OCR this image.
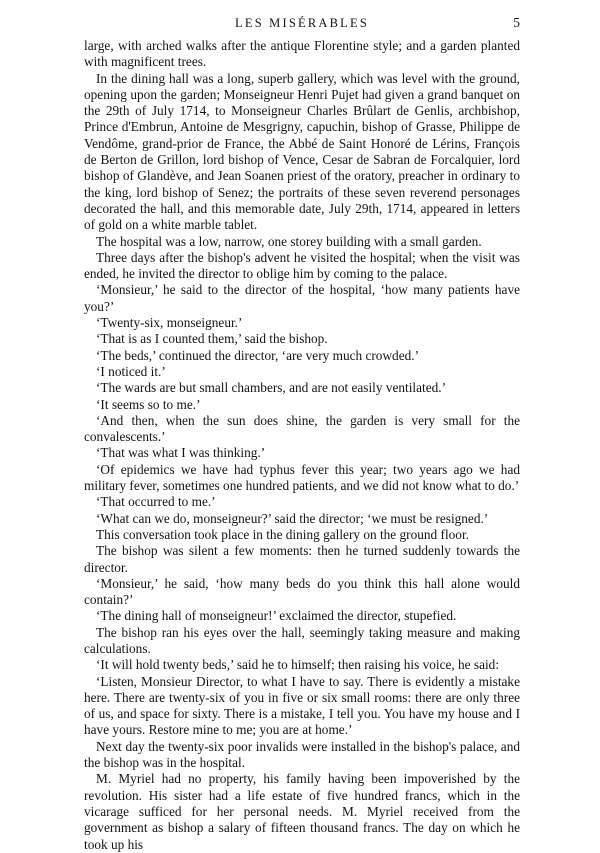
LES MISÉRABLES	5

large, with arched walks after the antique Florentine style; and a garden planted with magnificent trees.

In the dining hall was a long, superb gallery, which was level with the ground, opening upon the garden; Monseigneur Henri Pujet had given a grand banquet on the 29th of July 1714, to Monseigneur Charles Brûlart de Genlis, archbishop, Prince d'Embrun, Antoine de Mesgrigny, capuchin, bishop of Grasse, Philippe de Vendôme, grand-prior de France, the Abbé de Saint Honoré de Lérins, François de Berton de Grillon, lord bishop of Vence, Cesar de Sabran de Forcalquier, lord bishop of Glandève, and Jean Soanen priest of the oratory, preacher in ordinary to the king, lord bishop of Senez; the portraits of these seven reverend personages decorated the hall, and this memorable date, July 29th, 1714, appeared in letters of gold on a white marble tablet.

The hospital was a low, narrow, one storey building with a small garden.

Three days after the bishop's advent he visited the hospital; when the visit was ended, he invited the director to oblige him by coming to the palace.

‘Monsieur,’ he said to the director of the hospital, ‘how many patients have you?’

‘Twenty-six, monseigneur.’

‘That is as I counted them,’ said the bishop.

‘The beds,’ continued the director, ‘are very much crowded.’

‘I noticed it.’

‘The wards are but small chambers, and are not easily ventilated.’

‘It seems so to me.’

‘And then, when the sun does shine, the garden is very small for the convalescents.’

‘That was what I was thinking.’

‘Of epidemics we have had typhus fever this year; two years ago we had military fever, sometimes one hundred patients, and we did not know what to do.’

‘That occurred to me.’

‘What can we do, monseigneur?’ said the director; ‘we must be resigned.’

This conversation took place in the dining gallery on the ground floor.

The bishop was silent a few moments: then he turned suddenly towards the director.

‘Monsieur,’ he said, ‘how many beds do you think this hall alone would contain?’

‘The dining hall of monseigneur!’ exclaimed the director, stupefied.

The bishop ran his eyes over the hall, seemingly taking measure and making calculations.

‘It will hold twenty beds,’ said he to himself; then raising his voice, he said:

‘Listen, Monsieur Director, to what I have to say. There is evidently a mistake here. There are twenty-six of you in five or six small rooms: there are only three of us, and space for sixty. There is a mistake, I tell you. You have my house and I have yours. Restore mine to me; you are at home.’

Next day the twenty-six poor invalids were installed in the bishop's palace, and the bishop was in the hospital.

M. Myriel had no property, his family having been impoverished by the revolution. His sister had a life estate of five hundred francs, which in the vicarage sufficed for her personal needs. M. Myriel received from the government as bishop a salary of fifteen thousand francs. The day on which he took up his
